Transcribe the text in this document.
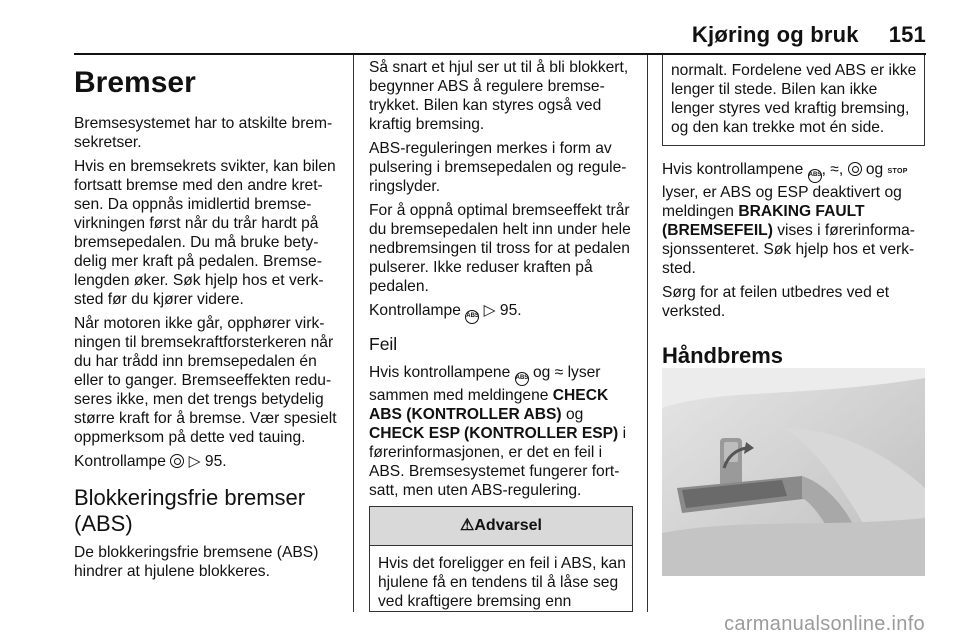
Kjøring og bruk 151
Bremser

Bremsesystemet har to atskilte brem-sekretser.

Hvis en bremsekrets svikter, kan bilen fortsatt bremse med den andre kret-sen. Da oppnås imidlertid bremse-virkningen først når du trår hardt på bremsepedalen. Du må bruke bety-delig mer kraft på pedalen. Bremse-lengden øker. Søk hjelp hos et verk-sted før du kjører videre.

Når motoren ikke går, opphører virk-ningen til bremsekraftforsterkeren når du har trådd inn bremsepedalen én eller to ganger. Bremseeffekten redu-seres ikke, men det trengs betydelig større kraft for å bremse. Vær spesielt oppmerksom på dette ved tauing.

Kontrollampe ▷ 95.

Blokkeringsfrie bremser (ABS)

De blokkeringsfrie bremsene (ABS) hindrer at hjulene blokkeres.

Så snart et hjul ser ut til å bli blokkert, begynner ABS å regulere bremse-trykket. Bilen kan styres også ved kraftig bremsing.

ABS-reguleringen merkes i form av pulsering i bremsepedalen og regule-ringslyder.

For å oppnå optimal bremseeffekt trår du bremsepedalen helt inn under hele nedbremsingen til tross for at pedalen pulserer. Ikke reduser kraften på pedalen.

Kontrollampe ABS ▷ 95.

Feil

Hvis kontrollampene ABS og ≈ lyser sammen med meldingene CHECK ABS (KONTROLLER ABS) og CHECK ESP (KONTROLLER ESP) i førerinformasjonen, er det en feil i ABS. Bremsesystemet fungerer fort-satt, men uten ABS-regulering.

⚠Advarsel
Hvis det foreligger en feil i ABS, kan hjulene få en tendens til å låse seg ved kraftigere bremsing enn
normalt. Fordelene ved ABS er ikke lenger til stede. Bilen kan ikke lenger styres ved kraftig bremsing, og den kan trekke mot én side.

Hvis kontrollampene ABS, ≈,  og STOP lyser, er ABS og ESP deaktivert og meldingen BRAKING FAULT (BREMSEFEIL) vises i førerinforma-sjonssenteret. Søk hjelp hos et verk-sted.

Sørg for at feilen utbedres ved et verksted.

Håndbrems
carmanualsonline.info
